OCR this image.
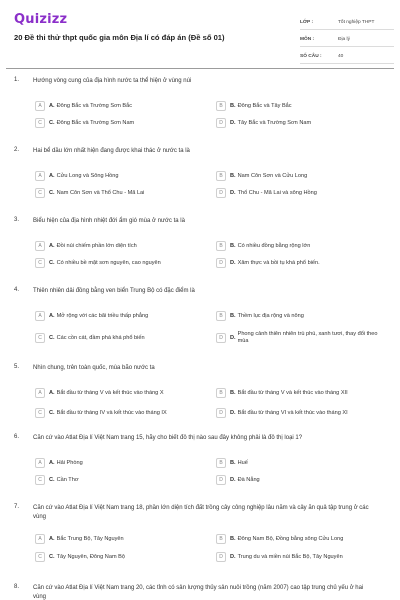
Quizizz
20 Đề thi thử thpt quốc gia môn Địa lí có đáp án (Đề số 01)
LỚP :	Tốt nghiệp THPT
MÔN :	Địa lý
SỐ CÂU :	40
1. Hướng vòng cung của địa hình nước ta thể hiện ở vùng núi
A	A. Đông Bắc và Trường Sơn Bắc	B	B. Đông Bắc và Tây Bắc
C	C. Đông Bắc và Trường Sơn Nam	D	D. Tây Bắc và Trường Sơn Nam
2. Hai bể dầu lớn nhất hiện đang được khai thác ở nước ta là
A	A. Cửu Long và Sông Hồng	B	B. Nam Côn Sơn và Cửu Long
C	C. Nam Côn Sơn và Thổ Chu - Mã Lai	D	D. Thổ Chu - Mã Lai và sông Hồng
3. Biểu hiện của địa hình nhiệt đới ẩm gió mùa ở nước ta là
A	A. Đồi núi chiếm phần lớn diện tích	B	B. Có nhiều đồng bằng rộng lớn
C	C. Có nhiều bề mặt sơn nguyên, cao nguyên	D	D. Xâm thực và bồi tụ khá phổ biến.
4. Thiên nhiên dải đồng bằng ven biển Trung Bộ có đặc điểm là
A	A. Mở rộng với các bãi triều thấp phẳng	B	B. Thềm lục địa rộng và nông
C	C. Các cồn cát, đầm phá khá phổ biến	D	D.
Phong cảnh thiên nhiên trù phú, xanh tươi, thay đổi theo mùa
5. Nhìn chung, trên toàn quốc, mùa bão nước ta
A	A. Bắt đầu từ tháng V và kết thúc vào tháng X	B	B. Bắt đầu từ tháng V và kết thúc vào tháng XII
C	C. Bắt đầu từ tháng IV và kết thúc vào tháng IX	D	D. Bắt đầu từ tháng VI và kết thúc vào tháng XI
6. Căn cứ vào Atlat Địa lí Việt Nam trang 15, hãy cho biết đô thị nào sau đây không phải là đô thị loại 1?
A	A. Hải Phòng	B	B. Huế
C	C. Cần Thơ	D	D. Đà Nẵng
7. Căn cứ vào Atlat Địa lí Việt Nam trang 18, phần lớn diện tích đất trồng cây công nghiệp lâu năm và cây ăn quả tập trung ở các vùng
A	A. Bắc Trung Bộ, Tây Nguyên	B	B. Đông Nam Bộ, Đồng bằng sông Cửu Long
C	C. Tây Nguyên, Đông Nam Bộ	D	D. Trung du và miền núi Bắc Bộ, Tây Nguyên
8. Căn cứ vào Atlat Địa lí Việt Nam trang 20, các tỉnh có sản lượng thủy sản nuôi trồng (năm 2007) cao tập trung chủ yếu ở hai vùng
